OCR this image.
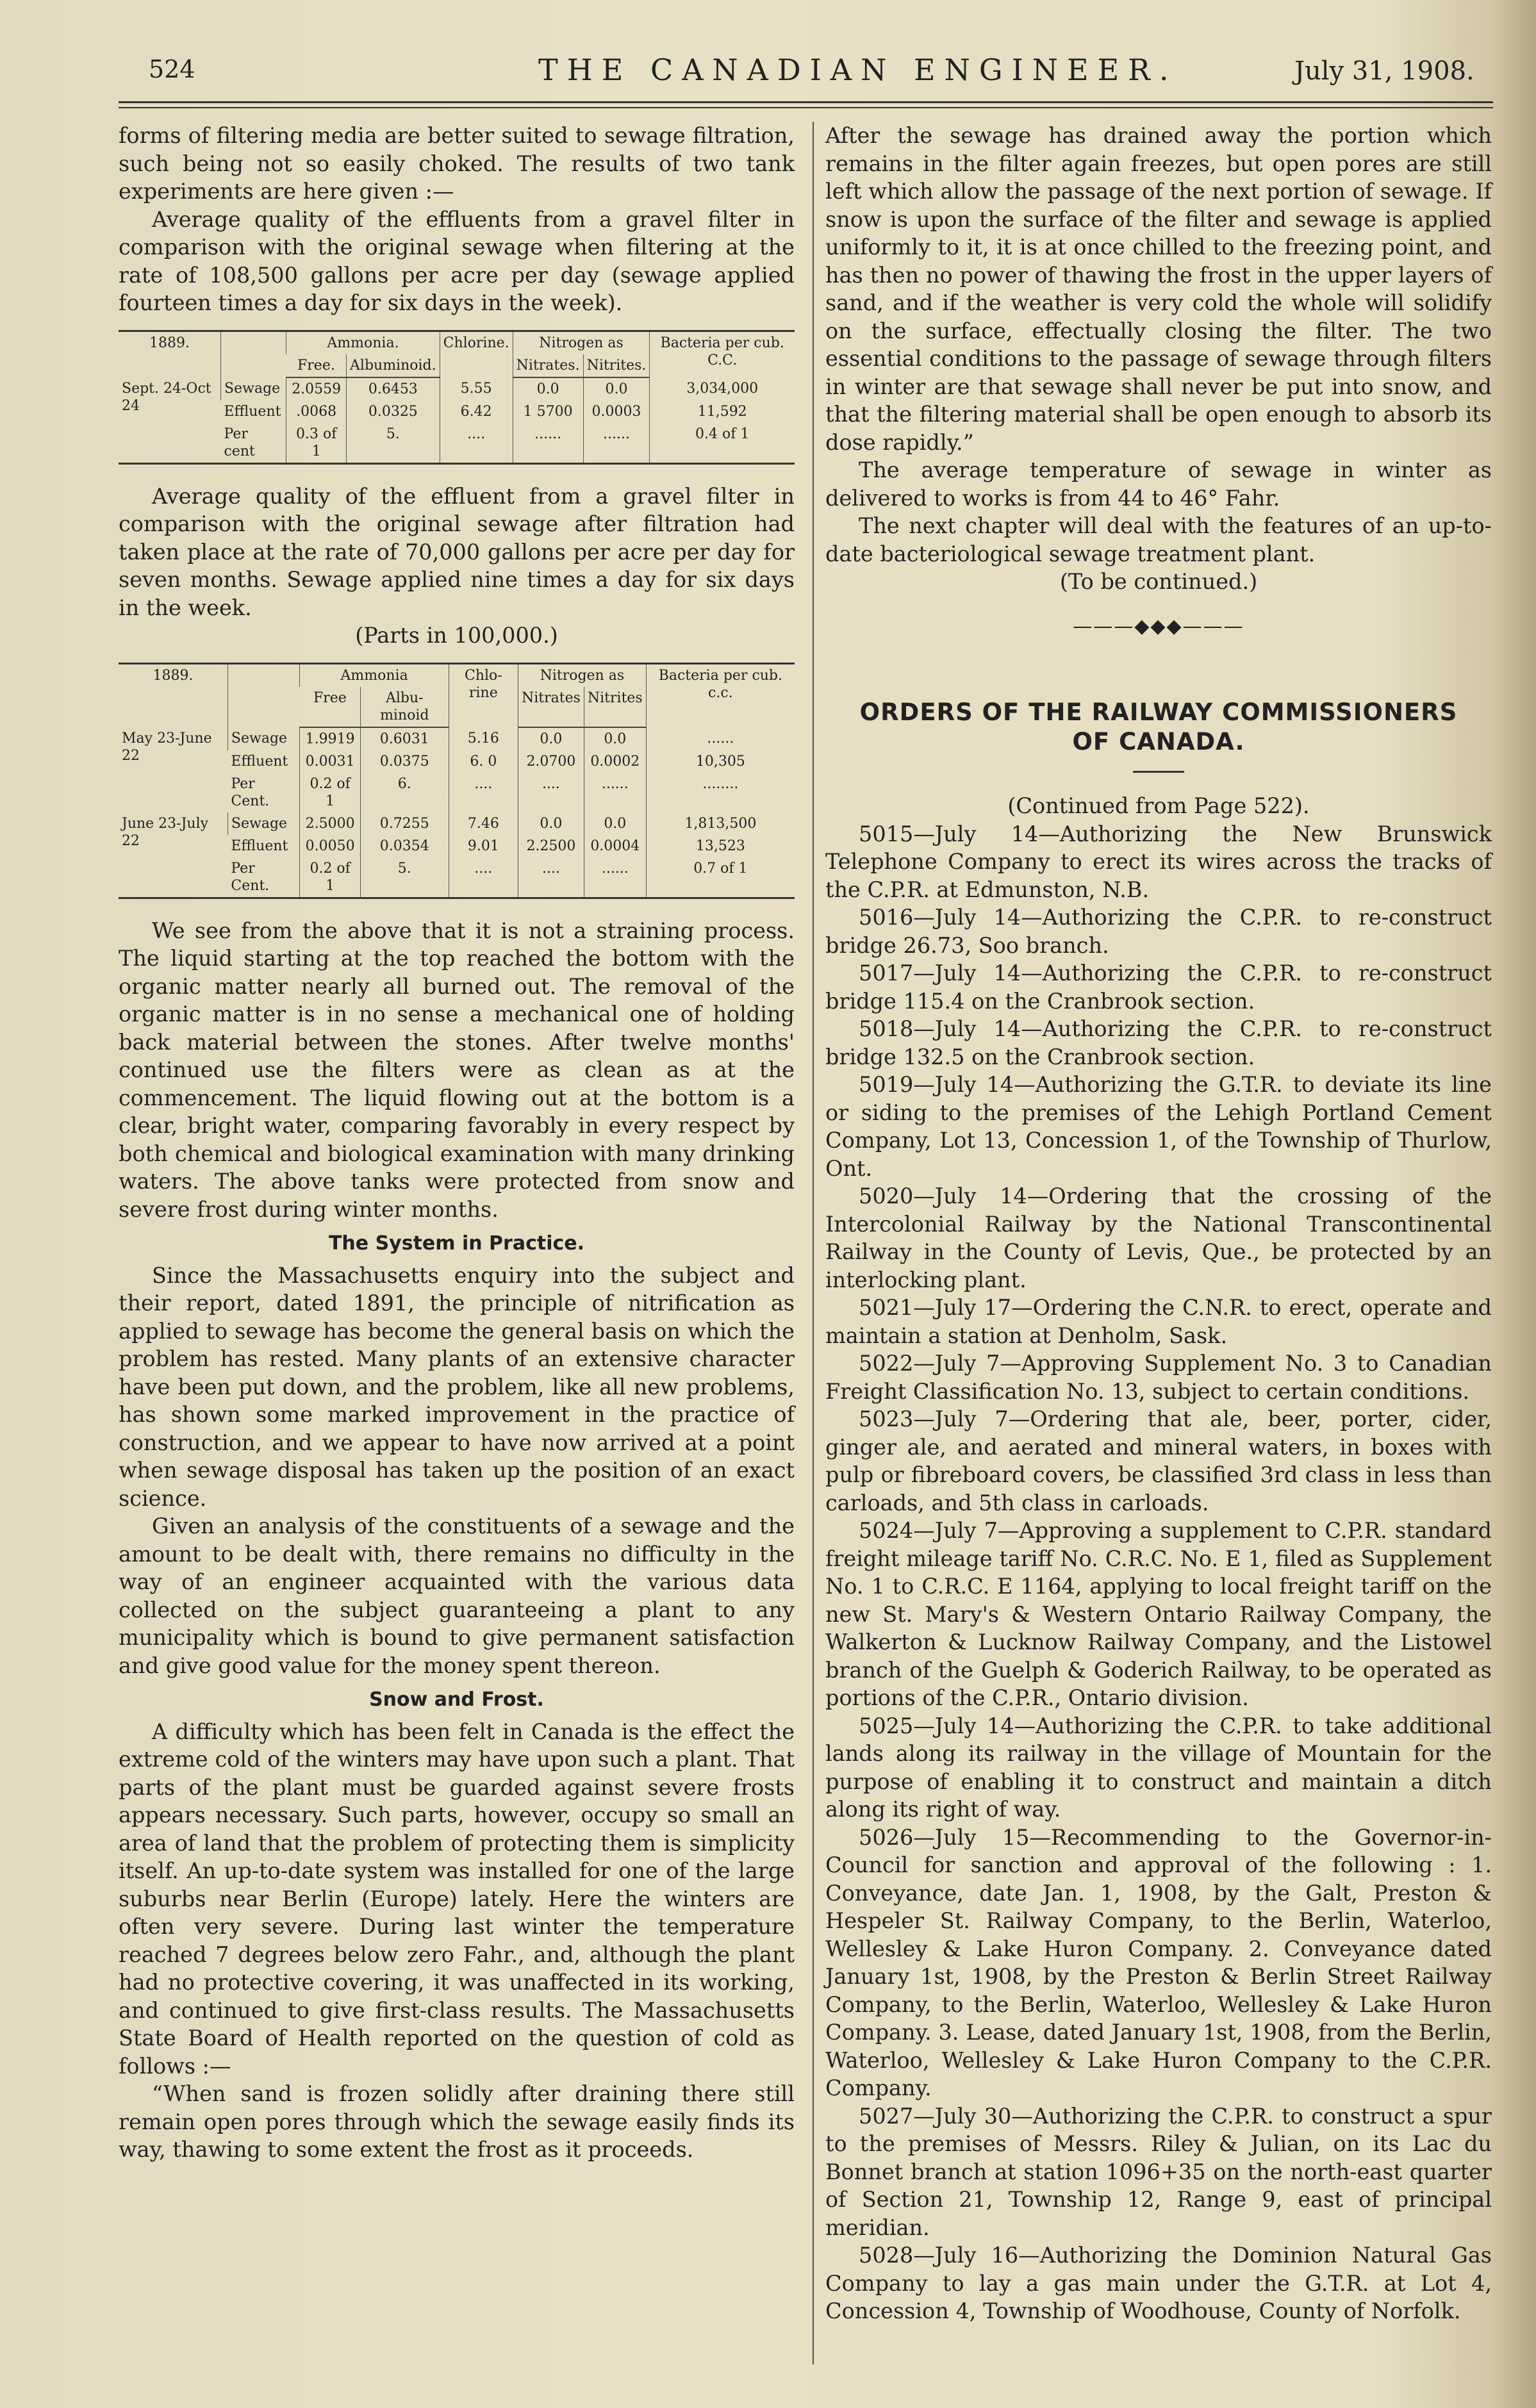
524	THE CANADIAN ENGINEER.	July 31, 1908.

forms of filtering media are better suited to sewage filtration, such being not so easily choked. The results of two tank experiments are here given :—

Average quality of the effluents from a gravel filter in comparison with the original sewage when filtering at the rate of 108,500 gallons per acre per day (sewage applied fourteen times a day for six days in the week).

1889.		Ammonia.		Chlorine.	Nitrogen as		Bacteria per cub. C.C.
		Free.	Albuminoid.		Nitrates.	Nitrites.	
Sept. 24-Oct 24	Sewage	2.0559	0.6453	5.55	0.0	0.0	3,034,000
	Effluent	.0068	0.0325	6.42	1 5700	0.0003	11,592
	Per cent	0.3 of 1	5.	....	......	......	0.4 of 1

Average quality of the effluent from a gravel filter in comparison with the original sewage after filtration had taken place at the rate of 70,000 gallons per acre per day for seven months. Sewage applied nine times a day for six days in the week.

(Parts in 100,000.)

1889.		Ammonia		Chlo-rine	Nitrogen as		Bacteria per cub. c.c.
		Free	Albu-minoid		Nitrates	Nitrites	
May 23-June 22	Sewage	1.9919	0.6031	5.16	0.0	0.0	......
	Effluent	0.0031	0.0375	6. 0	2.0700	0.0002	10,305
	Per Cent.	0.2 of 1	6.	....	....	......	........
June 23-July 22	Sewage	2.5000	0.7255	7.46	0.0	0.0	1,813,500
	Effluent	0.0050	0.0354	9.01	2.2500	0.0004	13,523
	Per Cent.	0.2 of 1	5.	....	....	......	0.7 of 1

We see from the above that it is not a straining process. The liquid starting at the top reached the bottom with the organic matter nearly all burned out. The removal of the organic matter is in no sense a mechanical one of holding back material between the stones. After twelve months' continued use the filters were as clean as at the commencement. The liquid flowing out at the bottom is a clear, bright water, comparing favorably in every respect by both chemical and biological examination with many drinking waters. The above tanks were protected from snow and severe frost during winter months.

The System in Practice.

Since the Massachusetts enquiry into the subject and their report, dated 1891, the principle of nitrification as applied to sewage has become the general basis on which the problem has rested. Many plants of an extensive character have been put down, and the problem, like all new problems, has shown some marked improvement in the practice of construction, and we appear to have now arrived at a point when sewage disposal has taken up the position of an exact science.

Given an analysis of the constituents of a sewage and the amount to be dealt with, there remains no difficulty in the way of an engineer acquainted with the various data collected on the subject guaranteeing a plant to any municipality which is bound to give permanent satisfaction and give good value for the money spent thereon.

Snow and Frost.

A difficulty which has been felt in Canada is the effect the extreme cold of the winters may have upon such a plant. That parts of the plant must be guarded against severe frosts appears necessary. Such parts, however, occupy so small an area of land that the problem of protecting them is simplicity itself. An up-to-date system was installed for one of the large suburbs near Berlin (Europe) lately. Here the winters are often very severe. During last winter the temperature reached 7 degrees below zero Fahr., and, although the plant had no protective covering, it was unaffected in its working, and continued to give first-class results. The Massachusetts State Board of Health reported on the question of cold as follows :—

“When sand is frozen solidly after draining there still remain open pores through which the sewage easily finds its way, thawing to some extent the frost as it proceeds.

After the sewage has drained away the portion which remains in the filter again freezes, but open pores are still left which allow the passage of the next portion of sewage. If snow is upon the surface of the filter and sewage is applied uniformly to it, it is at once chilled to the freezing point, and has then no power of thawing the frost in the upper layers of sand, and if the weather is very cold the whole will solidify on the surface, effectually closing the filter. The two essential conditions to the passage of sewage through filters in winter are that sewage shall never be put into snow, and that the filtering material shall be open enough to absorb its dose rapidly.”

The average temperature of sewage in winter as delivered to works is from 44 to 46° Fahr.

The next chapter will deal with the features of an up-to-date bacteriological sewage treatment plant.

(To be continued.)

———◆◆◆———
ORDERS OF THE RAILWAY COMMISSIONERS
OF CANADA.

(Continued from Page 522).

5015—July 14—Authorizing the New Brunswick Telephone Company to erect its wires across the tracks of the C.P.R. at Edmunston, N.B.

5016—July 14—Authorizing the C.P.R. to re-construct bridge 26.73, Soo branch.

5017—July 14—Authorizing the C.P.R. to re-construct bridge 115.4 on the Cranbrook section.

5018—July 14—Authorizing the C.P.R. to re-construct bridge 132.5 on the Cranbrook section.

5019—July 14—Authorizing the G.T.R. to deviate its line or siding to the premises of the Lehigh Portland Cement Company, Lot 13, Concession 1, of the Township of Thurlow, Ont.

5020—July 14—Ordering that the crossing of the Intercolonial Railway by the National Transcontinental Railway in the County of Levis, Que., be protected by an interlocking plant.

5021—July 17—Ordering the C.N.R. to erect, operate and maintain a station at Denholm, Sask.

5022—July 7—Approving Supplement No. 3 to Canadian Freight Classification No. 13, subject to certain conditions.

5023—July 7—Ordering that ale, beer, porter, cider, ginger ale, and aerated and mineral waters, in boxes with pulp or fibreboard covers, be classified 3rd class in less than carloads, and 5th class in carloads.

5024—July 7—Approving a supplement to C.P.R. standard freight mileage tariff No. C.R.C. No. E 1, filed as Supplement No. 1 to C.R.C. E 1164, applying to local freight tariff on the new St. Mary's & Western Ontario Railway Company, the Walkerton & Lucknow Railway Company, and the Listowel branch of the Guelph & Goderich Railway, to be operated as portions of the C.P.R., Ontario division.

5025—July 14—Authorizing the C.P.R. to take additional lands along its railway in the village of Mountain for the purpose of enabling it to construct and maintain a ditch along its right of way.

5026—July 15—Recommending to the Governor-in-Council for sanction and approval of the following : 1. Conveyance, date Jan. 1, 1908, by the Galt, Preston & Hespeler St. Railway Company, to the Berlin, Waterloo, Wellesley & Lake Huron Company. 2. Conveyance dated January 1st, 1908, by the Preston & Berlin Street Railway Company, to the Berlin, Waterloo, Wellesley & Lake Huron Company. 3. Lease, dated January 1st, 1908, from the Berlin, Waterloo, Wellesley & Lake Huron Company to the C.P.R. Company.

5027—July 30—Authorizing the C.P.R. to construct a spur to the premises of Messrs. Riley & Julian, on its Lac du Bonnet branch at station 1096+35 on the north-east quarter of Section 21, Township 12, Range 9, east of principal meridian.

5028—July 16—Authorizing the Dominion Natural Gas Company to lay a gas main under the G.T.R. at Lot 4, Concession 4, Township of Woodhouse, County of Norfolk.
